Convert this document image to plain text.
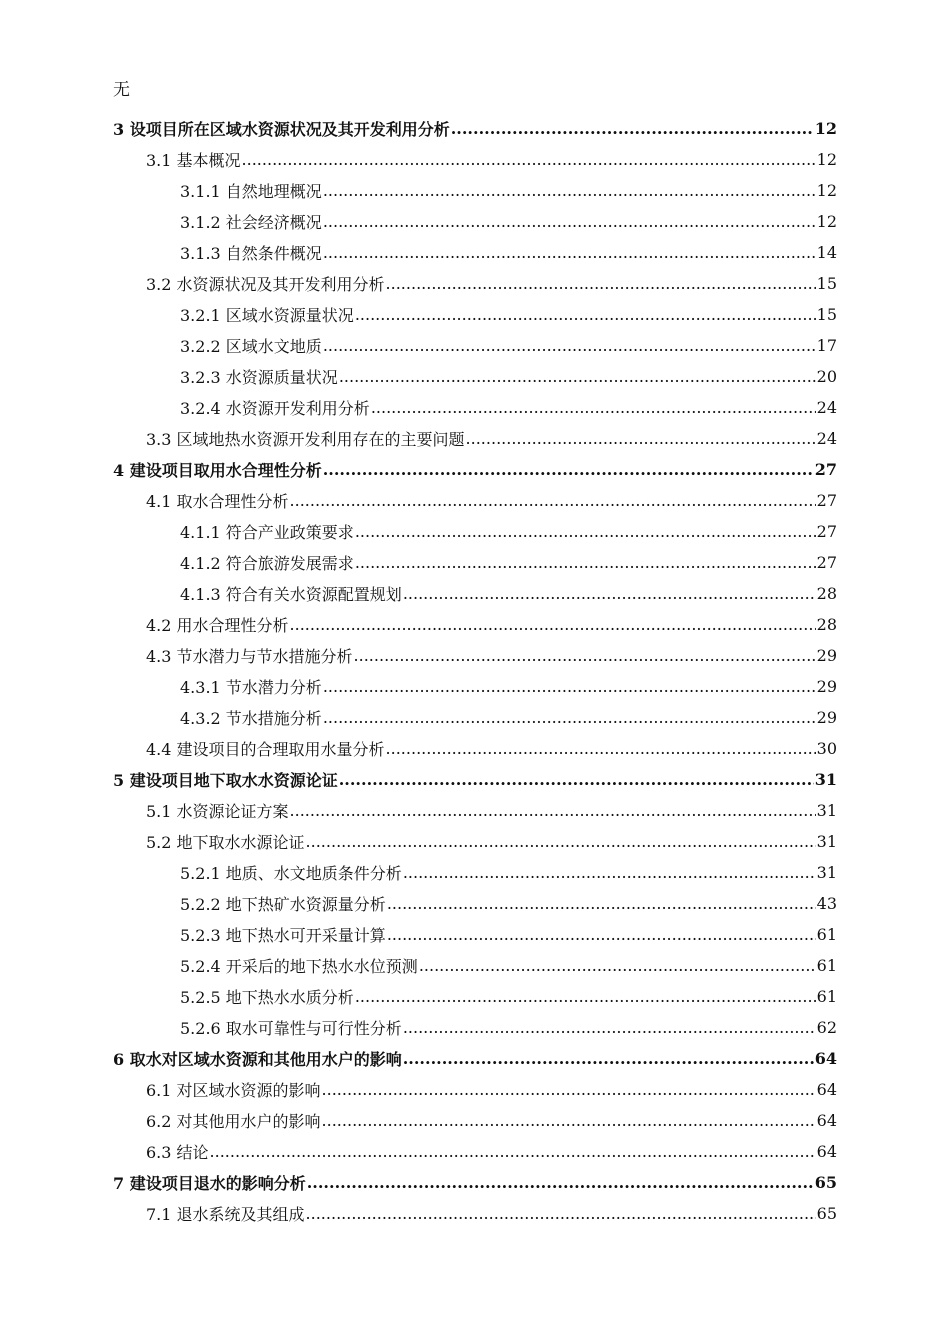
无
3 设项目所在区域水资源状况及其开发利用分析 .....	12
3.1 基本概况 .....	12
3.1.1 自然地理概况 .....	12
3.1.2 社会经济概况 .....	12
3.1.3 自然条件概况 .....	14
3.2 水资源状况及其开发利用分析 .....	15
3.2.1 区域水资源量状况 .....	15
3.2.2 区域水文地质 .....	17
3.2.3 水资源质量状况 .....	20
3.2.4 水资源开发利用分析 .....	24
3.3 区域地热水资源开发利用存在的主要问题 .....	24
4 建设项目取用水合理性分析 .....	27
4.1 取水合理性分析 .....	27
4.1.1 符合产业政策要求 .....	27
4.1.2 符合旅游发展需求 .....	27
4.1.3 符合有关水资源配置规划 .....	28
4.2 用水合理性分析 .....	28
4.3 节水潜力与节水措施分析 .....	29
4.3.1 节水潜力分析 .....	29
4.3.2 节水措施分析 .....	29
4.4 建设项目的合理取用水量分析 .....	30
5 建设项目地下取水水资源论证 .....	31
5.1 水资源论证方案 .....	31
5.2 地下取水水源论证 .....	31
5.2.1 地质、水文地质条件分析 .....	31
5.2.2 地下热矿水资源量分析 .....	43
5.2.3 地下热水可开采量计算 .....	61
5.2.4 开采后的地下热水水位预测 .....	61
5.2.5 地下热水水质分析 .....	61
5.2.6 取水可靠性与可行性分析 .....	62
6 取水对区域水资源和其他用水户的影响 .....	64
6.1 对区域水资源的影响 .....	64
6.2 对其他用水户的影响 .....	64
6.3 结论 .....	64
7 建设项目退水的影响分析 .....	65
7.1 退水系统及其组成 .....	65
